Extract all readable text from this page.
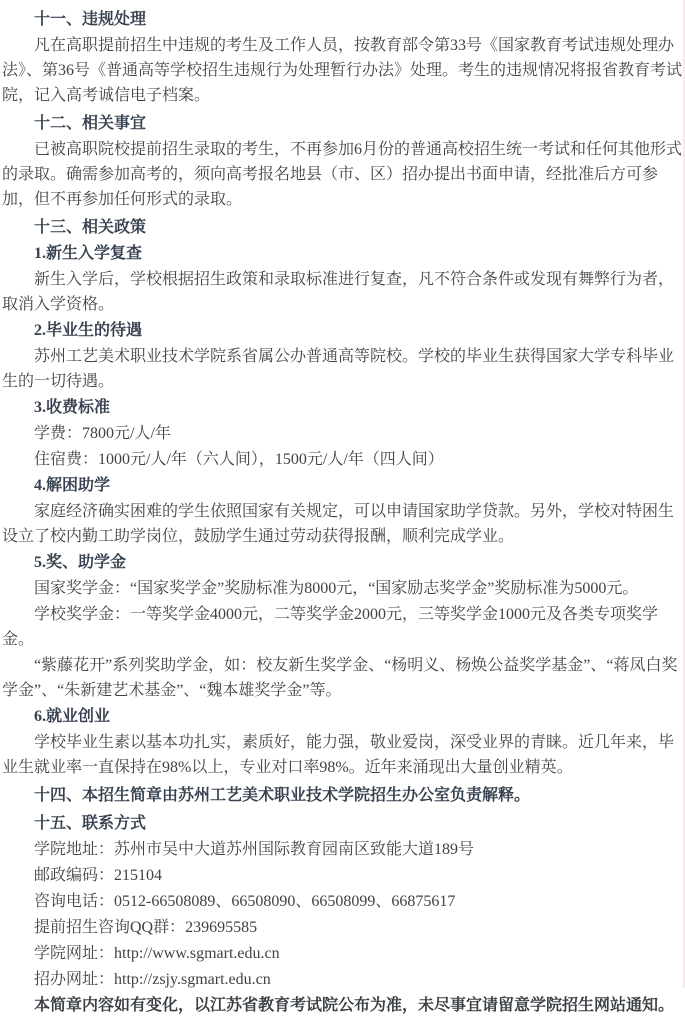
十一、违规处理

凡在高职提前招生中违规的考生及工作人员，按教育部令第33号《国家教育考试违规处理办法》、第36号《普通高等学校招生违规行为处理暂行办法》处理。考生的违规情况将报省教育考试院，记入高考诚信电子档案。

十二、相关事宜

已被高职院校提前招生录取的考生，不再参加6月份的普通高校招生统一考试和任何其他形式的录取。确需参加高考的，须向高考报名地县（市、区）招办提出书面申请，经批准后方可参加，但不再参加任何形式的录取。

十三、相关政策

1.新生入学复查

新生入学后，学校根据招生政策和录取标准进行复查，凡不符合条件或发现有舞弊行为者，取消入学资格。

2.毕业生的待遇

苏州工艺美术职业技术学院系省属公办普通高等院校。学校的毕业生获得国家大学专科毕业生的一切待遇。

3.收费标准

学费：7800元/人/年

住宿费：1000元/人/年（六人间），1500元/人/年（四人间）

4.解困助学

家庭经济确实困难的学生依照国家有关规定，可以申请国家助学贷款。另外，学校对特困生设立了校内勤工助学岗位，鼓励学生通过劳动获得报酬，顺利完成学业。

5.奖、助学金

国家奖学金：“国家奖学金”奖励标准为8000元，“国家励志奖学金”奖励标准为5000元。

学校奖学金：一等奖学金4000元，二等奖学金2000元，三等奖学金1000元及各类专项奖学金。

“紫藤花开”系列奖助学金，如：校友新生奖学金、“杨明义、杨焕公益奖学基金”、“蒋凤白奖学金”、“朱新建艺术基金”、“魏本雄奖学金”等。

6.就业创业

学校毕业生素以基本功扎实，素质好，能力强，敬业爱岗，深受业界的青睐。近几年来，毕业生就业率一直保持在98%以上，专业对口率98%。近年来涌现出大量创业精英。

十四、本招生简章由苏州工艺美术职业技术学院招生办公室负责解释。

十五、联系方式

学院地址：苏州市吴中大道苏州国际教育园南区致能大道189号

邮政编码：215104

咨询电话：0512-66508089、66508090、66508099、66875617

提前招生咨询QQ群：239695585

学院网址：http://www.sgmart.edu.cn

招办网址：http://zsjy.sgmart.edu.cn

本简章内容如有变化，以江苏省教育考试院公布为准，未尽事宜请留意学院招生网站通知。
